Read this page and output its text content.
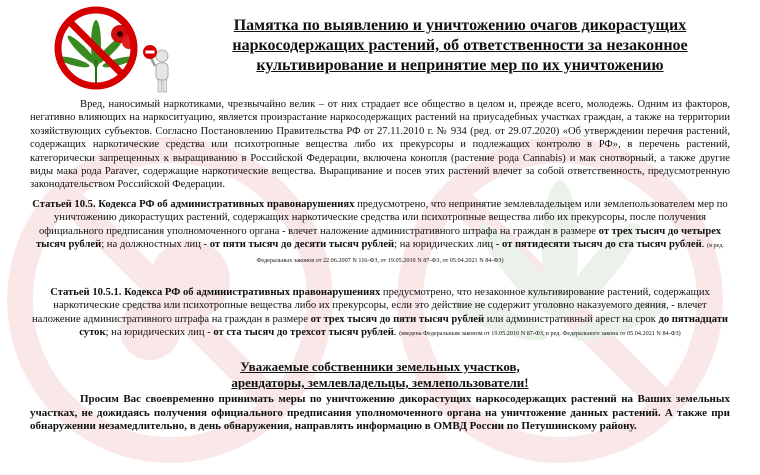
Памятка по выявлению и уничтожению очагов дикорастущих наркосодержащих растений, об ответственности за незаконное культивирование и непринятие мер по их уничтожению
Вред, наносимый наркотиками, чрезвычайно велик – от них страдает все общество в целом и, прежде всего, молодежь. Одним из факторов, негативно влияющих на наркоситуацию, является произрастание наркосодержащих растений на приусадебных участках граждан, а также на территории хозяйствующих субъектов. Согласно Постановлению Правительства РФ от 27.11.2010 г. № 934 (ред. от 29.07.2020) «Об утверждении перечня растений, содержащих наркотические средства или психотропные вещества либо их прекурсоры и подлежащих контролю в РФ», в перечень растений, категорически запрещенных к выращиванию в Российской Федерации, включена конопля (растение рода Cannabis) и мак снотворный, а также другие виды мака рода Paraver, содержащие наркотические вещества. Выращивание и посев этих растений влечет за собой ответственность, предусмотренную законодательством Российской Федерации.
Статьей 10.5. Кодекса РФ об административных правонарушениях предусмотрено, что непринятие землевладельцем или землепользователем мер по уничтожению дикорастущих растений, содержащих наркотические средства или психотропные вещества либо их прекурсоры, после получения официального предписания уполномоченного органа - влечет наложение административного штрафа на граждан в размере от трех тысяч до четырех тысяч рублей; на должностных лиц - от пяти тысяч до десяти тысяч рублей; на юридических лиц - от пятидесяти тысяч до ста тысяч рублей. (в ред. Федеральных законов от 22.06.2007 N 116-ФЗ, от 19.05.2010 N 87-ФЗ, от 05.04.2021 N 84-ФЗ)
Статьей 10.5.1. Кодекса РФ об административных правонарушениях предусмотрено, что незаконное культивирование растений, содержащих наркотические средства или психотропные вещества либо их прекурсоры, если это действие не содержит уголовно наказуемого деяния, - влечет наложение административного штрафа на граждан в размере от трех тысяч до пяти тысяч рублей или административный арест на срок до пятнадцати суток; на юридических лиц - от ста тысяч до трехсот тысяч рублей. (введена Федеральным законом от 19.05.2010 N 87-ФЗ, в ред. Федерального закона от 05.04.2021 N 84-ФЗ)
Уважаемые собственники земельных участков,
арендаторы, землевладельцы, землепользователи!
Просим Вас своевременно принимать меры по уничтожению дикорастущих наркосодержащих растений на Ваших земельных участках, не дожидаясь получения официального предписания уполномоченного органа на уничтожение данных растений. А также при обнаружении незамедлительно, в день обнаружения, направлять информацию в ОМВД России по Петушинскому району.
